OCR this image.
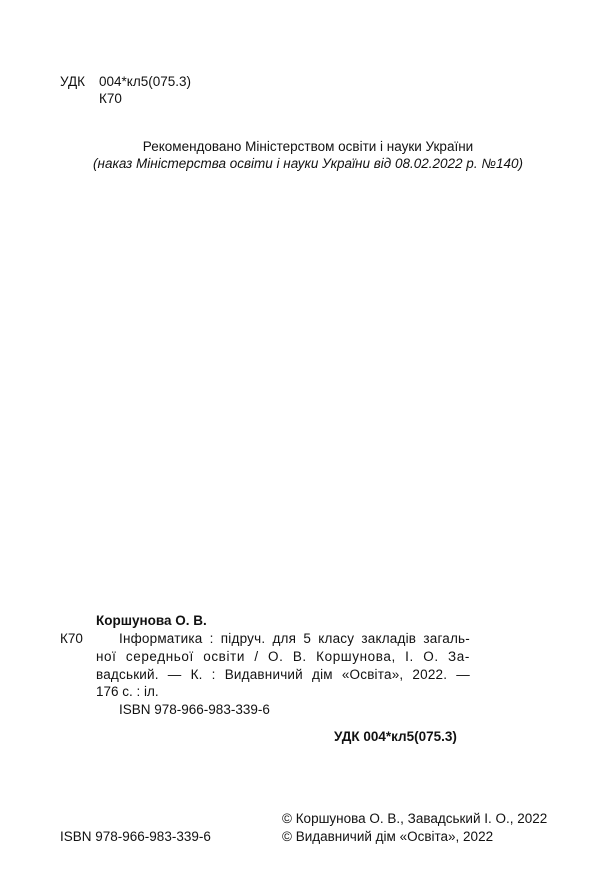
УДК 004*кл5(075.3)
К70
Рекомендовано Міністерством освіти і науки України
(наказ Міністерства освіти і науки України від 08.02.2022 р. №140)
Коршунова О. В.
К70	Інформатика : підруч. для 5 класу закладів загаль-
ної середньої освіти / О. В. Коршунова, І. О. За-
вадський. — К. : Видавничий дім «Освіта», 2022. —
176 с. : іл.
ISBN 978-966-983-339-6
УДК 004*кл5(075.3)
© Коршунова О. В., Завадський І. О., 2022
ISBN 978-966-983-339-6	© Видавничий дім «Освіта», 2022
